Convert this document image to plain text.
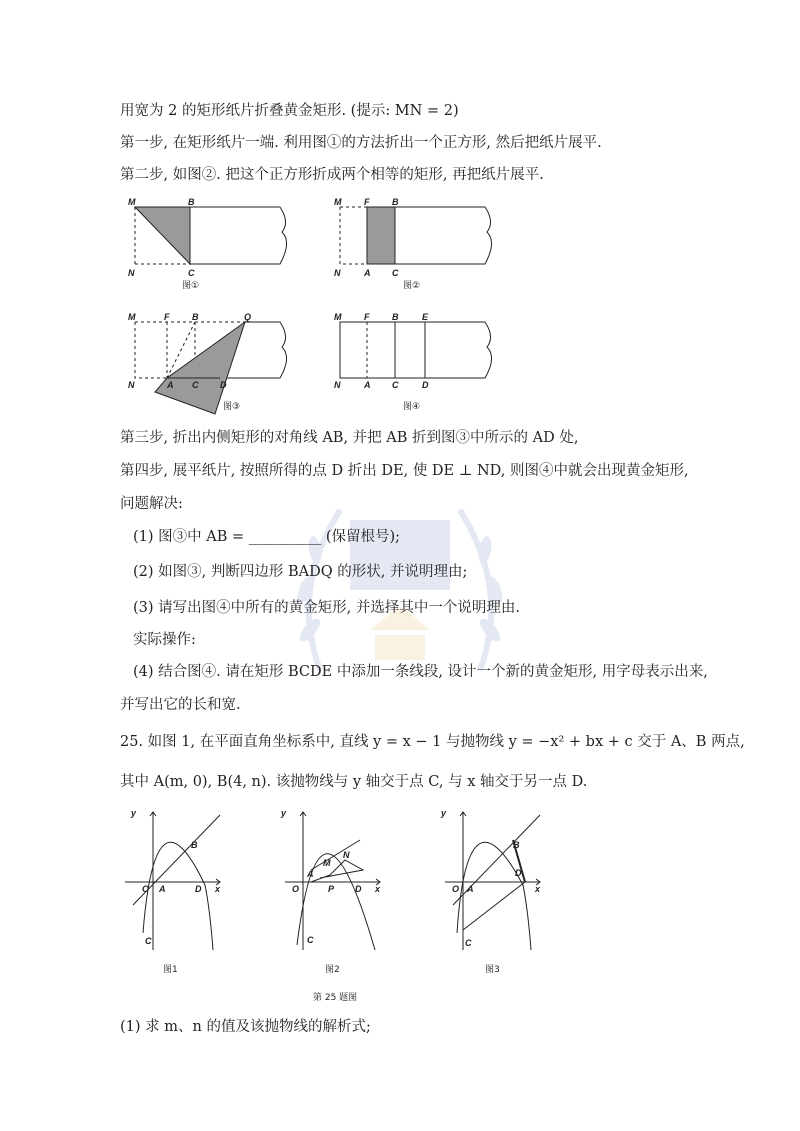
用宽为 2 的矩形纸片折叠黄金矩形. (提示: MN = 2)
第一步, 在矩形纸片一端. 利用图①的方法折出一个正方形, 然后把纸片展平.
第二步, 如图②. 把这个正方形折成两个相等的矩形, 再把纸片展平.
M	B
N	C
图①
M	F	B
N	A C
图②
M	F	B	Q
N	A C D
图③
M	F	B	E
N	A C	D
图④
第三步, 折出内侧矩形的对角线 AB, 并把 AB 折到图③中所示的 AD 处,
第四步, 展平纸片, 按照所得的点 D 折出 DE, 使 DE ⊥ ND, 则图④中就会出现黄金矩形,
问题解决:
(1) 图③中 AB = __________ (保留根号);
(2) 如图③, 判断四边形 BADQ 的形状, 并说明理由;
(3) 请写出图④中所有的黄金矩形, 并选择其中一个说明理由.
实际操作:
(4) 结合图④. 请在矩形 BCDE 中添加一条线段, 设计一个新的黄金矩形, 用字母表示出来,
并写出它的长和宽.
25. 如图 1, 在平面直角坐标系中, 直线 y = x − 1 与抛物线 y = −x² + bx + c 交于 A、B 两点,
其中 A(m, 0), B(4, n). 该抛物线与 y 轴交于点 C, 与 x 轴交于另一点 D.
y
x
O A	D
B
C
图1
y
x
O
A
P
M
N
D
C
图2
y
x
O A
D
B
C
图3
第 25 题图
(1) 求 m、n 的值及该抛物线的解析式;
